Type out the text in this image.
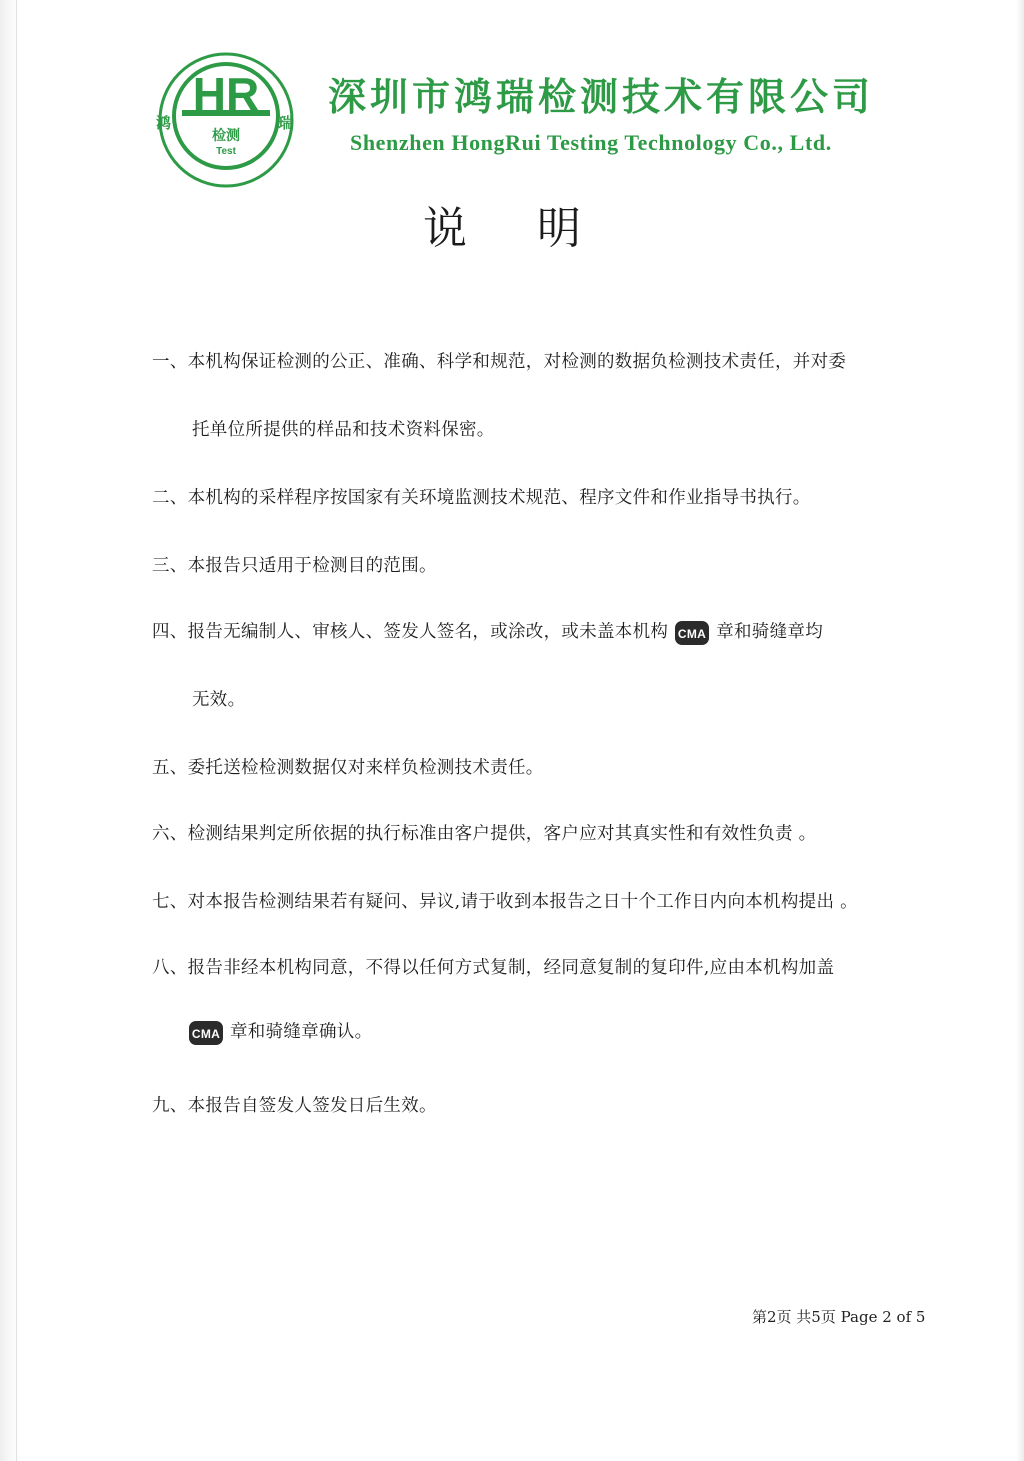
HR
检测
Test
鸿	瑞
深圳市鸿瑞检测技术有限公司
Shenzhen HongRui Testing Technology Co., Ltd.
说明
一、本机构保证检测的公正、准确、科学和规范，对检测的数据负检测技术责任，并对委
托单位所提供的样品和技术资料保密。
二、本机构的采样程序按国家有关环境监测技术规范、程序文件和作业指导书执行。
三、本报告只适用于检测目的范围。
四、报告无编制人、审核人、签发人签名，或涂改，或未盖本机构 CMA 章和骑缝章均
无效。
五、委托送检检测数据仅对来样负检测技术责任。
六、检测结果判定所依据的执行标准由客户提供，客户应对其真实性和有效性负责 。
七、对本报告检测结果若有疑问、异议,请于收到本报告之日十个工作日内向本机构提出 。
八、报告非经本机构同意，不得以任何方式复制，经同意复制的复印件,应由本机构加盖
CMA 章和骑缝章确认。
九、本报告自签发人签发日后生效。
第2页 共5页 Page 2 of 5
